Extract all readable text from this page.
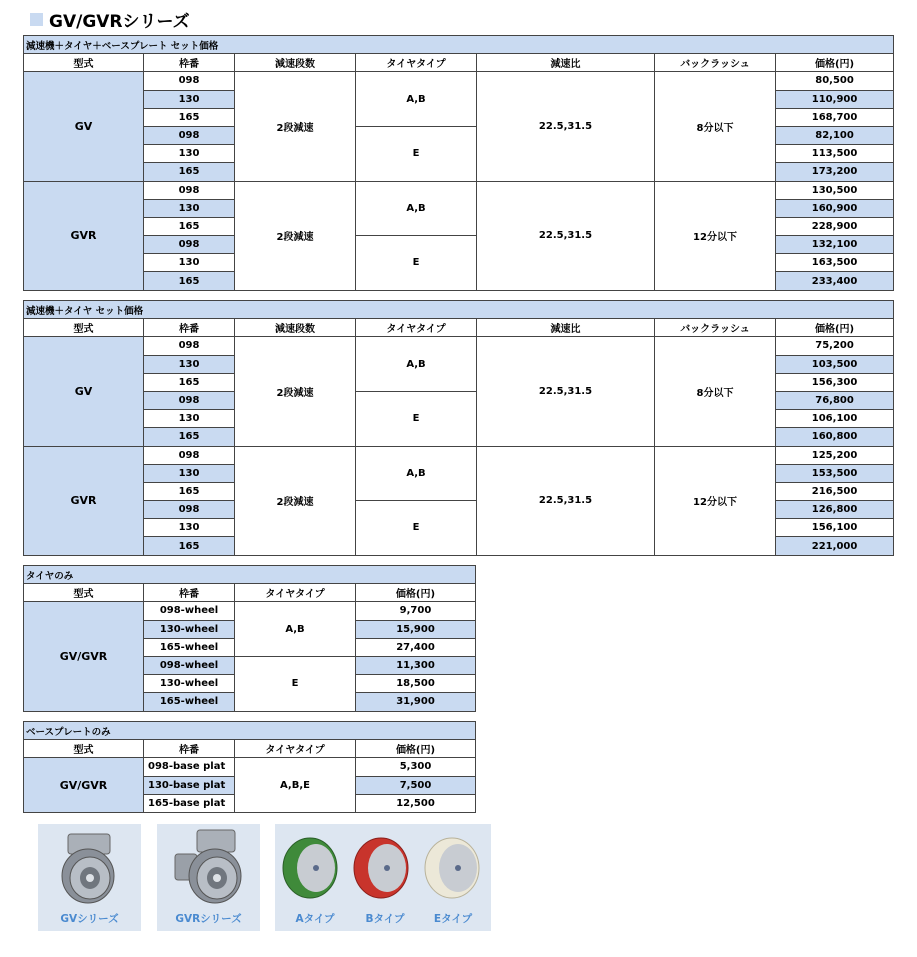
GV/GVRシリーズ
減速機＋タイヤ＋ベースプレート セット価格						
型式	枠番	減速段数	タイヤタイプ	減速比	バックラッシュ	価格(円)
GV	098	2段減速	A,B	22.5,31.5	8分以下	80,500
	130					110,900
	165					168,700
	098		E			82,100
	130					113,500
	165					173,200
GVR	098	2段減速	A,B	22.5,31.5	12分以下	130,500
	130					160,900
	165					228,900
	098		E			132,100
	130					163,500
	165					233,400
減速機＋タイヤ セット価格						
型式	枠番	減速段数	タイヤタイプ	減速比	バックラッシュ	価格(円)
GV	098	2段減速	A,B	22.5,31.5	8分以下	75,200
	130					103,500
	165					156,300
	098		E			76,800
	130					106,100
	165					160,800
GVR	098	2段減速	A,B	22.5,31.5	12分以下	125,200
	130					153,500
	165					216,500
	098		E			126,800
	130					156,100
	165					221,000
タイヤのみ			
型式	枠番	タイヤタイプ	価格(円)
GV/GVR	098-wheel	A,B	9,700
	130-wheel		15,900
	165-wheel		27,400
	098-wheel	E	11,300
	130-wheel		18,500
	165-wheel		31,900
ベースプレートのみ			
型式	枠番	タイヤタイプ	価格(円)
GV/GVR	098-base plat	A,B,E	5,300
	130-base plat		7,500
	165-base plat		12,500
GVシリーズ	GVRシリーズ	Aタイプ	Bタイプ	Eタイプ
